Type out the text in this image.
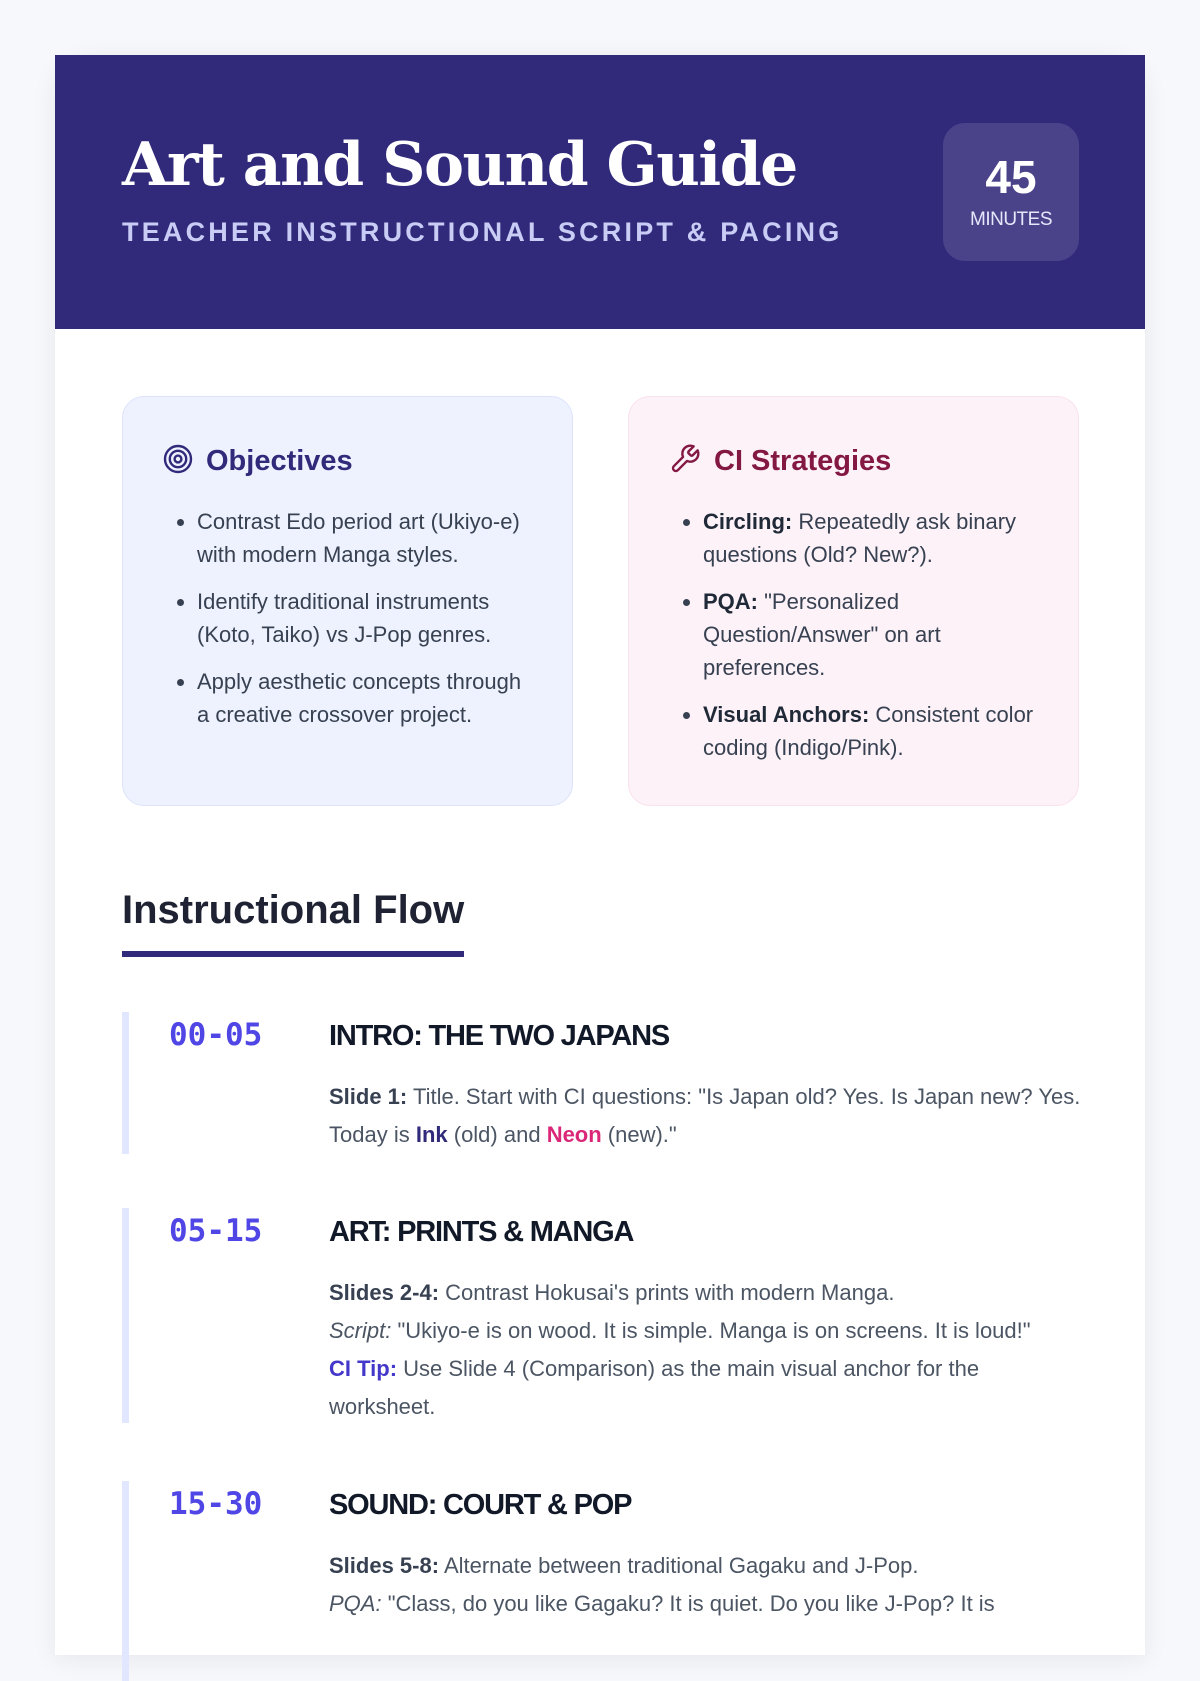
Art and Sound Guide
TEACHER INSTRUCTIONAL SCRIPT & PACING
45
MINUTES
Objectives
• Contrast Edo period art (Ukiyo-e) with modern Manga styles.
• Identify traditional instruments (Koto, Taiko) vs J-Pop genres.
• Apply aesthetic concepts through a creative crossover project.
CI Strategies
• Circling: Repeatedly ask binary questions (Old? New?).
• PQA: "Personalized Question/Answer" on art preferences.
• Visual Anchors: Consistent color coding (Indigo/Pink).
Instructional Flow
00-05 INTRO: THE TWO JAPANS
Slide 1: Title. Start with CI questions: "Is Japan old? Yes. Is Japan new? Yes. Today is Ink (old) and Neon (new)."
05-15 ART: PRINTS & MANGA
Slides 2-4: Contrast Hokusai's prints with modern Manga.
Script: "Ukiyo-e is on wood. It is simple. Manga is on screens. It is loud!"
CI Tip: Use Slide 4 (Comparison) as the main visual anchor for the worksheet.
15-30 SOUND: COURT & POP
Slides 5-8: Alternate between traditional Gagaku and J-Pop.
PQA: "Class, do you like Gagaku? It is quiet. Do you like J-Pop? It is
